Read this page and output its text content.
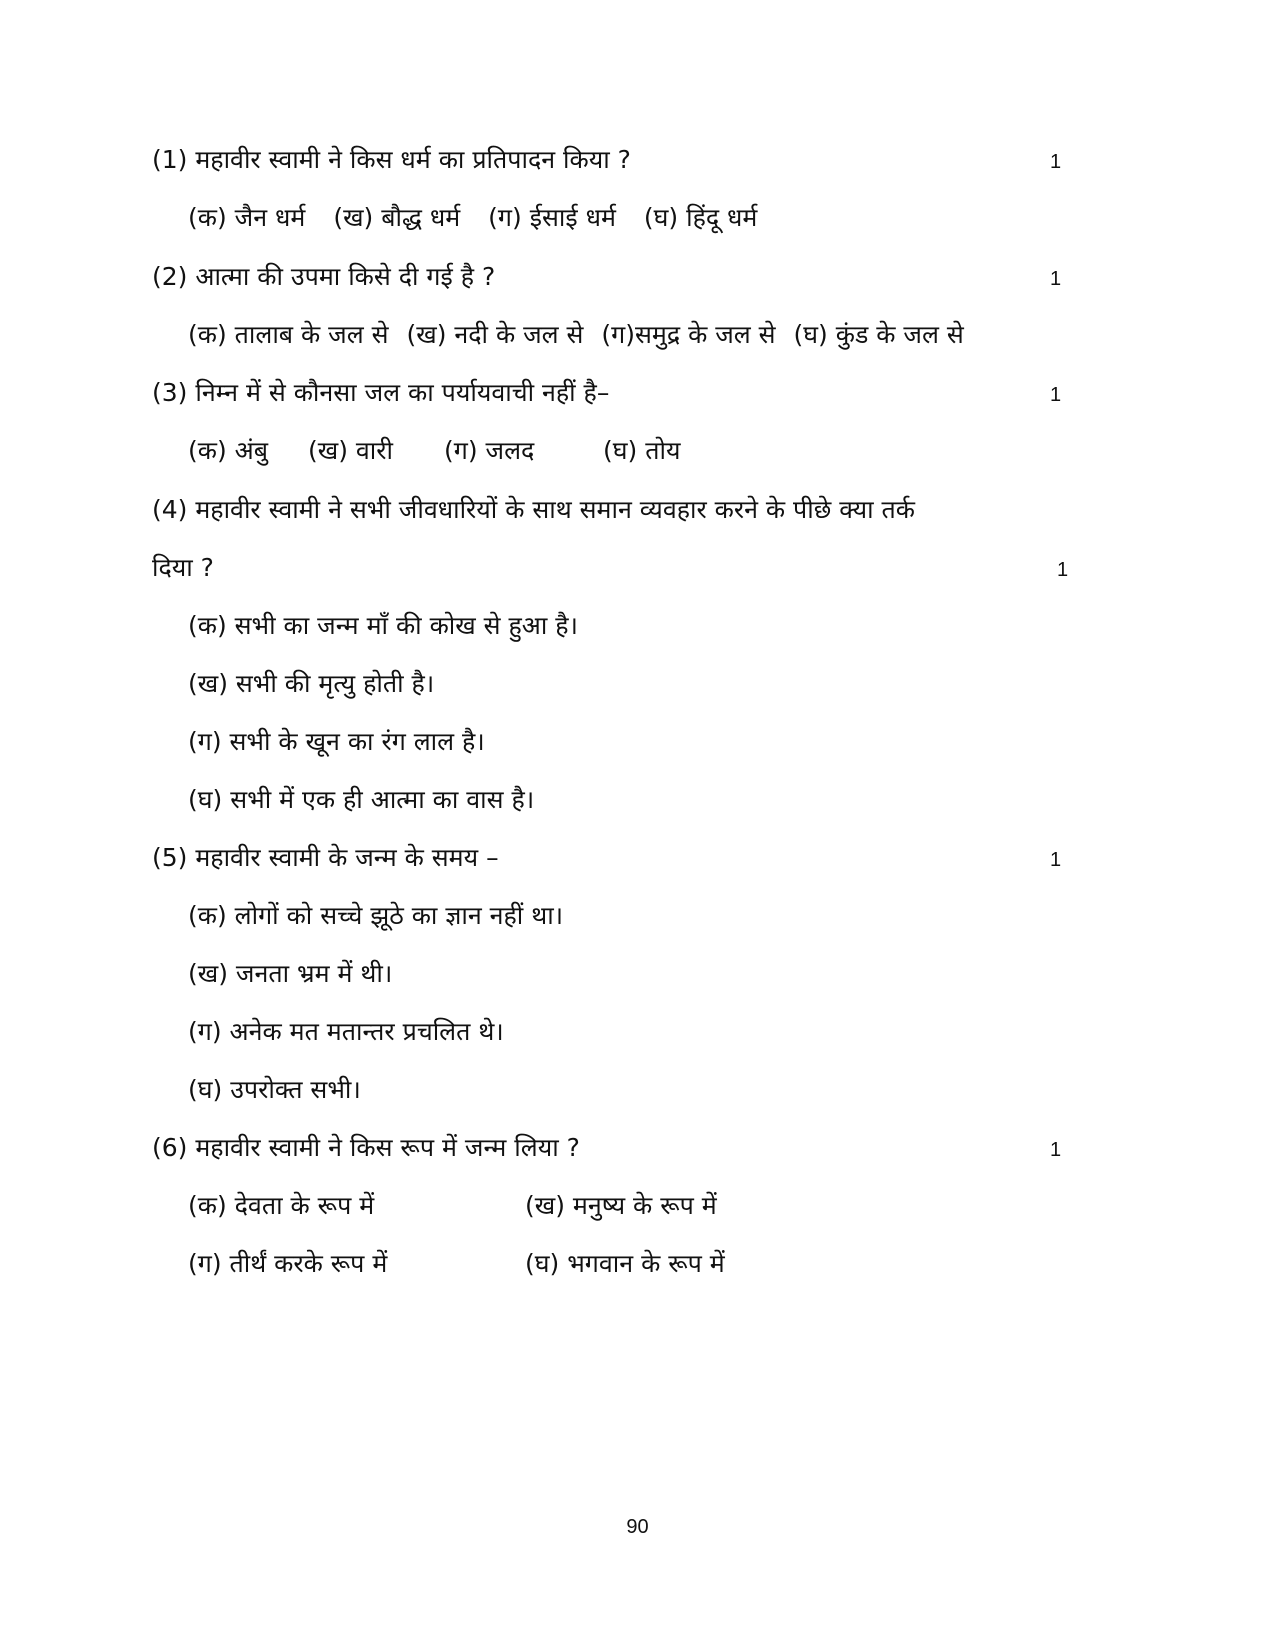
(1) महावीर स्वामी ने किस धर्म का प्रतिपादन किया ?	1
(क) जैन धर्म (ख) बौद्ध धर्म (ग) ईसाई धर्म (घ) हिंदू धर्म
(2) आत्मा की उपमा किसे दी गई है ?	1
(क) तालाब के जल से (ख) नदी के जल से (ग)समुद्र के जल से (घ) कुंड के जल से
(3) निम्न में से कौनसा जल का पर्यायवाची नहीं है–	1
(क) अंबु (ख) वारी (ग) जलद	(घ) तोय
(4) महावीर स्वामी ने सभी जीवधारियों के साथ समान व्यवहार करने के पीछे क्या तर्क
दिया ?	1
(क) सभी का जन्म माँ की कोख से हुआ है।
(ख) सभी की मृत्यु होती है।
(ग) सभी के खून का रंग लाल है।
(घ) सभी में एक ही आत्मा का वास है।
(5) महावीर स्वामी के जन्म के समय –	1
(क) लोगों को सच्चे झूठे का ज्ञान नहीं था।
(ख) जनता भ्रम में थी।
(ग) अनेक मत मतान्तर प्रचलित थे।
(घ) उपरोक्त सभी।
(6) महावीर स्वामी ने किस रूप में जन्म लिया ?	1
(क) देवता के रूप में	(ख) मनुष्य के रूप में
(ग) तीर्थं करके रूप में	(घ) भगवान के रूप में
90
